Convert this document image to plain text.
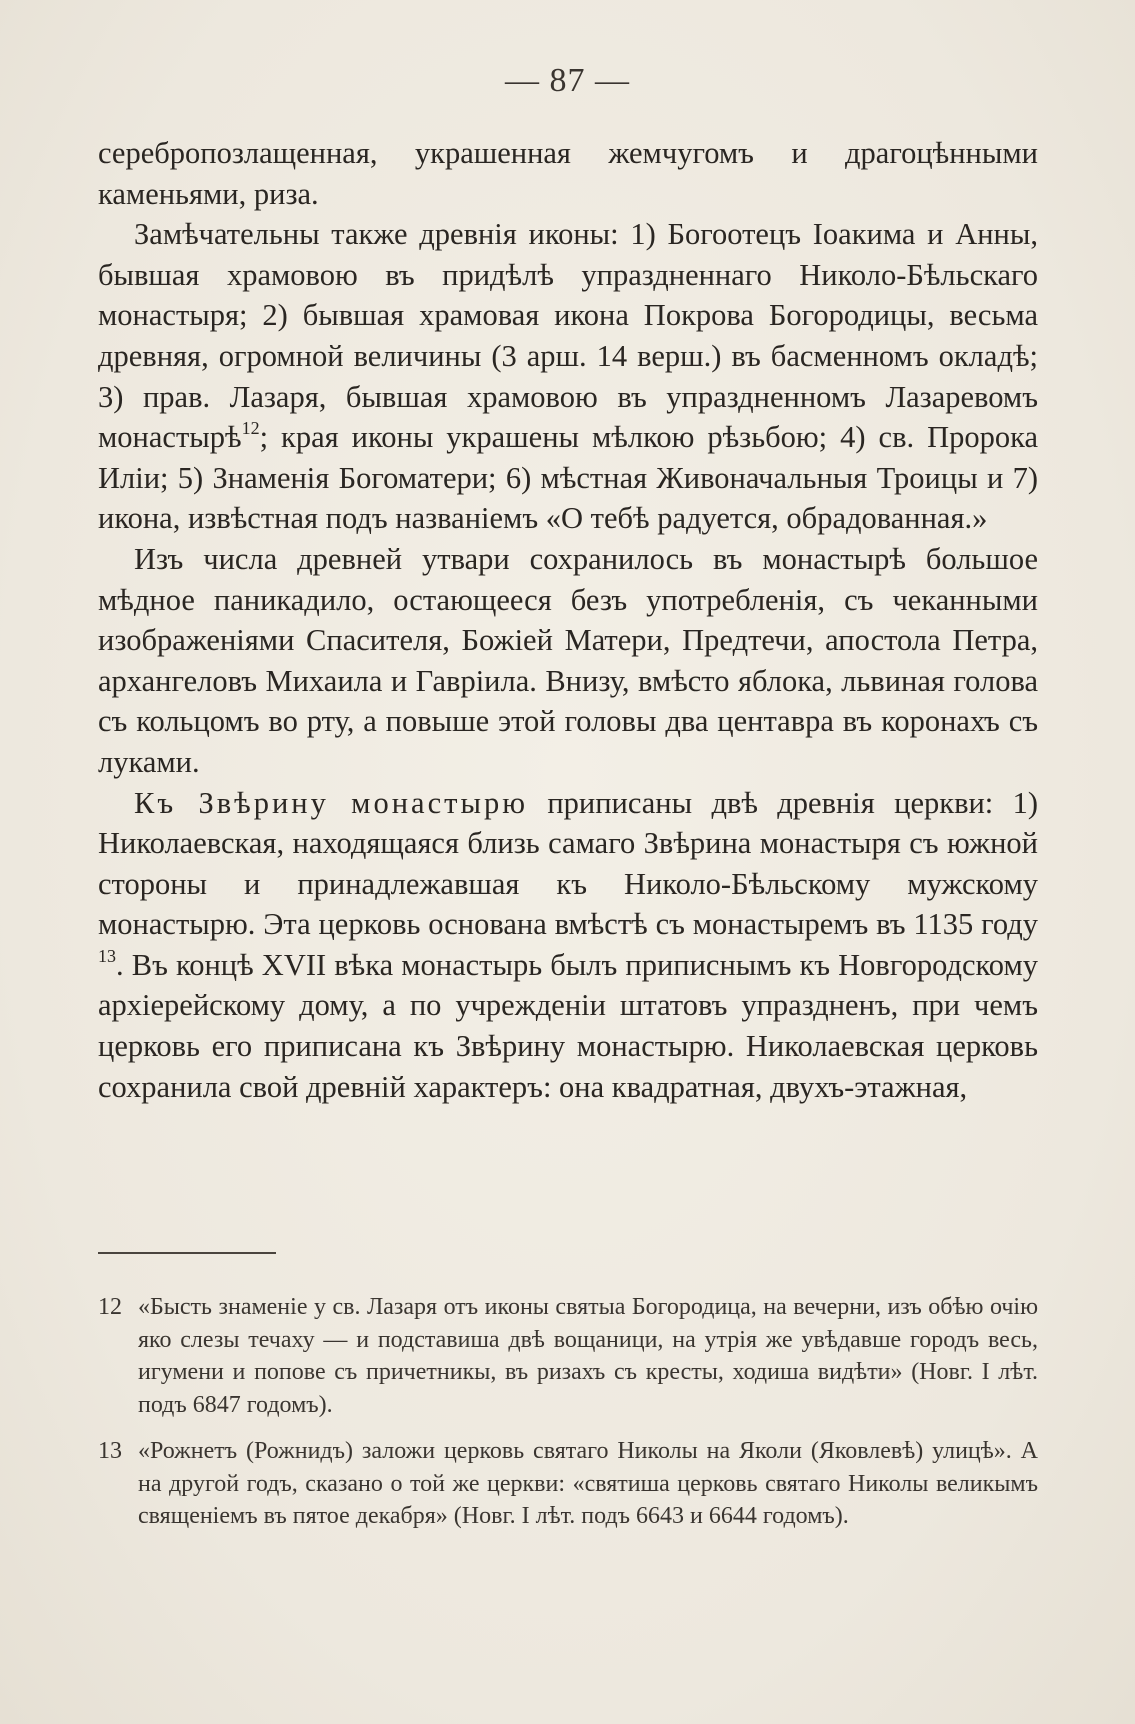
— 87 —

серебропозлащенная, украшенная жемчугомъ и драгоцѣнными каменьями, риза.

Замѣчательны также древнія иконы: 1) Богоотецъ Іоакима и Анны, бывшая храмовою въ придѣлѣ упраздненнаго Николо-Бѣльскаго монастыря; 2) бывшая храмовая икона Покрова Богородицы, весьма древняя, огромной величины (3 арш. 14 верш.) въ басменномъ окладѣ; 3) прав. Лазаря, бывшая храмовою въ упраздненномъ Лазаревомъ монастырѣ$^{12}$; края иконы украшены мѣлкою рѣзьбою; 4) св. Пророка Иліи; 5) Знаменія Богоматери; 6) мѣстная Живоначальныя Троицы и 7) икона, извѣстная подъ названіемъ «О тебѣ радуется, обрадованная.»

Изъ числа древней утвари сохранилось въ монастырѣ большое мѣдное паникадило, остающееся безъ употребленія, съ чеканными изображеніями Спасителя, Божіей Матери, Предтечи, апостола Петра, архангеловъ Михаила и Гавріила. Внизу, вмѣсто яблока, львиная голова съ кольцомъ во рту, а повыше этой головы два центавра въ коронахъ съ луками.

Къ Звѣрину монастырю приписаны двѣ древнія церкви: 1) Николаевская, находящаяся близь самаго Звѣрина монастыря съ южной стороны и принадлежавшая къ Николо-Бѣльскому мужскому монастырю. Эта церковь основана вмѣстѣ съ монастыремъ въ 1135 году $^{13}$. Въ концѣ XVII вѣка монастырь былъ приписнымъ къ Новгородскому архіерейскому дому, а по учрежденіи штатовъ упраздненъ, при чемъ церковь его приписана къ Звѣрину монастырю. Николаевская церковь сохранила свой древній характеръ: она квадратная, двухъ-этажная,

12 «Бысть знаменіе у св. Лазаря отъ иконы святыа Богородица, на вечерни, изъ обѣю очію яко слезы течаху — и подставиша двѣ вощаници, на утрія же увѣдавше городъ весь, игумени и попове съ причетникы, въ ризахъ съ кресты, ходиша видѣти» (Новг. І лѣт. подъ 6847 годомъ).
13 «Рожнетъ (Рожнидъ) заложи церковь святаго Николы на Яколи (Яковлевѣ) улицѣ». А на другой годъ, сказано о той же церкви: «святиша церковь святаго Николы великымъ священіемъ въ пятое декабря» (Новг. І лѣт. подъ 6643 и 6644 годомъ).
